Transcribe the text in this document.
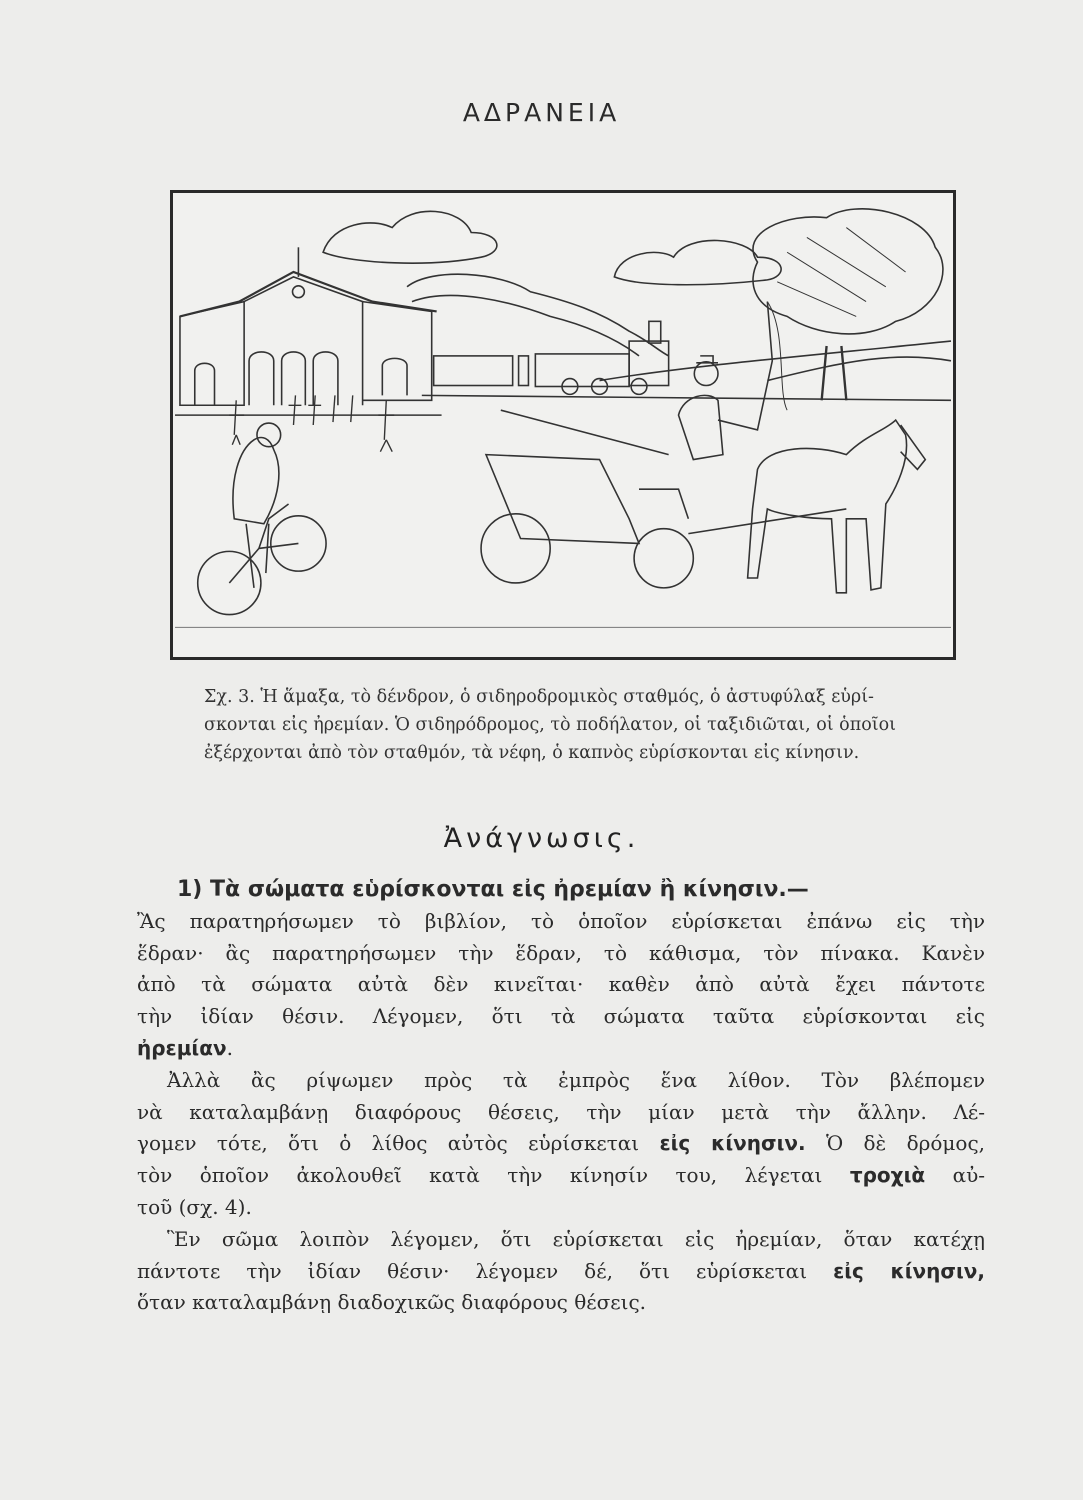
ΑΔΡΑΝΕΙΑ

Σχ. 3. Ἡ ἅμαξα, τὸ δένδρον, ὁ σιδηροδρομικὸς σταθμός, ὁ ἀστυφύλαξ εὑρί-

σκονται εἰς ἠρεμίαν. Ὁ σιδηρόδρομος, τὸ ποδήλατον, οἱ ταξιδιῶται, οἱ ὁποῖοι

ἐξέρχονται ἀπὸ τὸν σταθμόν, τὰ νέφη, ὁ καπνὸς εὑρίσκονται εἰς κίνησιν.

Ἀνάγνωσις.
1) Τὰ σώματα εὑρίσκονται εἰς ἠρεμίαν ἢ κίνησιν.—
Ἂς παρατηρήσωμεν τὸ βιβλίον, τὸ ὁποῖον εὑρίσκεται ἐπάνω εἰς τὴν
ἕδραν· ἂς παρατηρήσωμεν τὴν ἕδραν, τὸ κάθισμα, τὸν πίνακα. Κανὲν
ἀπὸ τὰ σώματα αὐτὰ δὲν κινεῖται· καθὲν ἀπὸ αὐτὰ ἔχει πάντοτε
τὴν ἰδίαν θέσιν. Λέγομεν, ὅτι τὰ σώματα ταῦτα εὑρίσκονται εἰς
ἠρεμίαν.
Ἀλλὰ ἂς ρίψωμεν πρὸς τὰ ἐμπρὸς ἕνα λίθον. Τὸν βλέπομεν
νὰ καταλαμβάνῃ διαφόρους θέσεις, τὴν μίαν μετὰ τὴν ἄλλην. Λέ-
γομεν τότε, ὅτι ὁ λίθος αὐτὸς εὑρίσκεται εἰς κίνησιν. Ὁ δὲ δρόμος,
τὸν ὁποῖον ἀκολουθεῖ κατὰ τὴν κίνησίν του, λέγεται τροχιὰ αὐ-
τοῦ (σχ. 4).
Ἓν σῶμα λοιπὸν λέγομεν, ὅτι εὑρίσκεται εἰς ἠρεμίαν, ὅταν κατέχῃ
πάντοτε τὴν ἰδίαν θέσιν· λέγομεν δέ, ὅτι εὑρίσκεται εἰς κίνησιν,
ὅταν καταλαμβάνῃ διαδοχικῶς διαφόρους θέσεις.
